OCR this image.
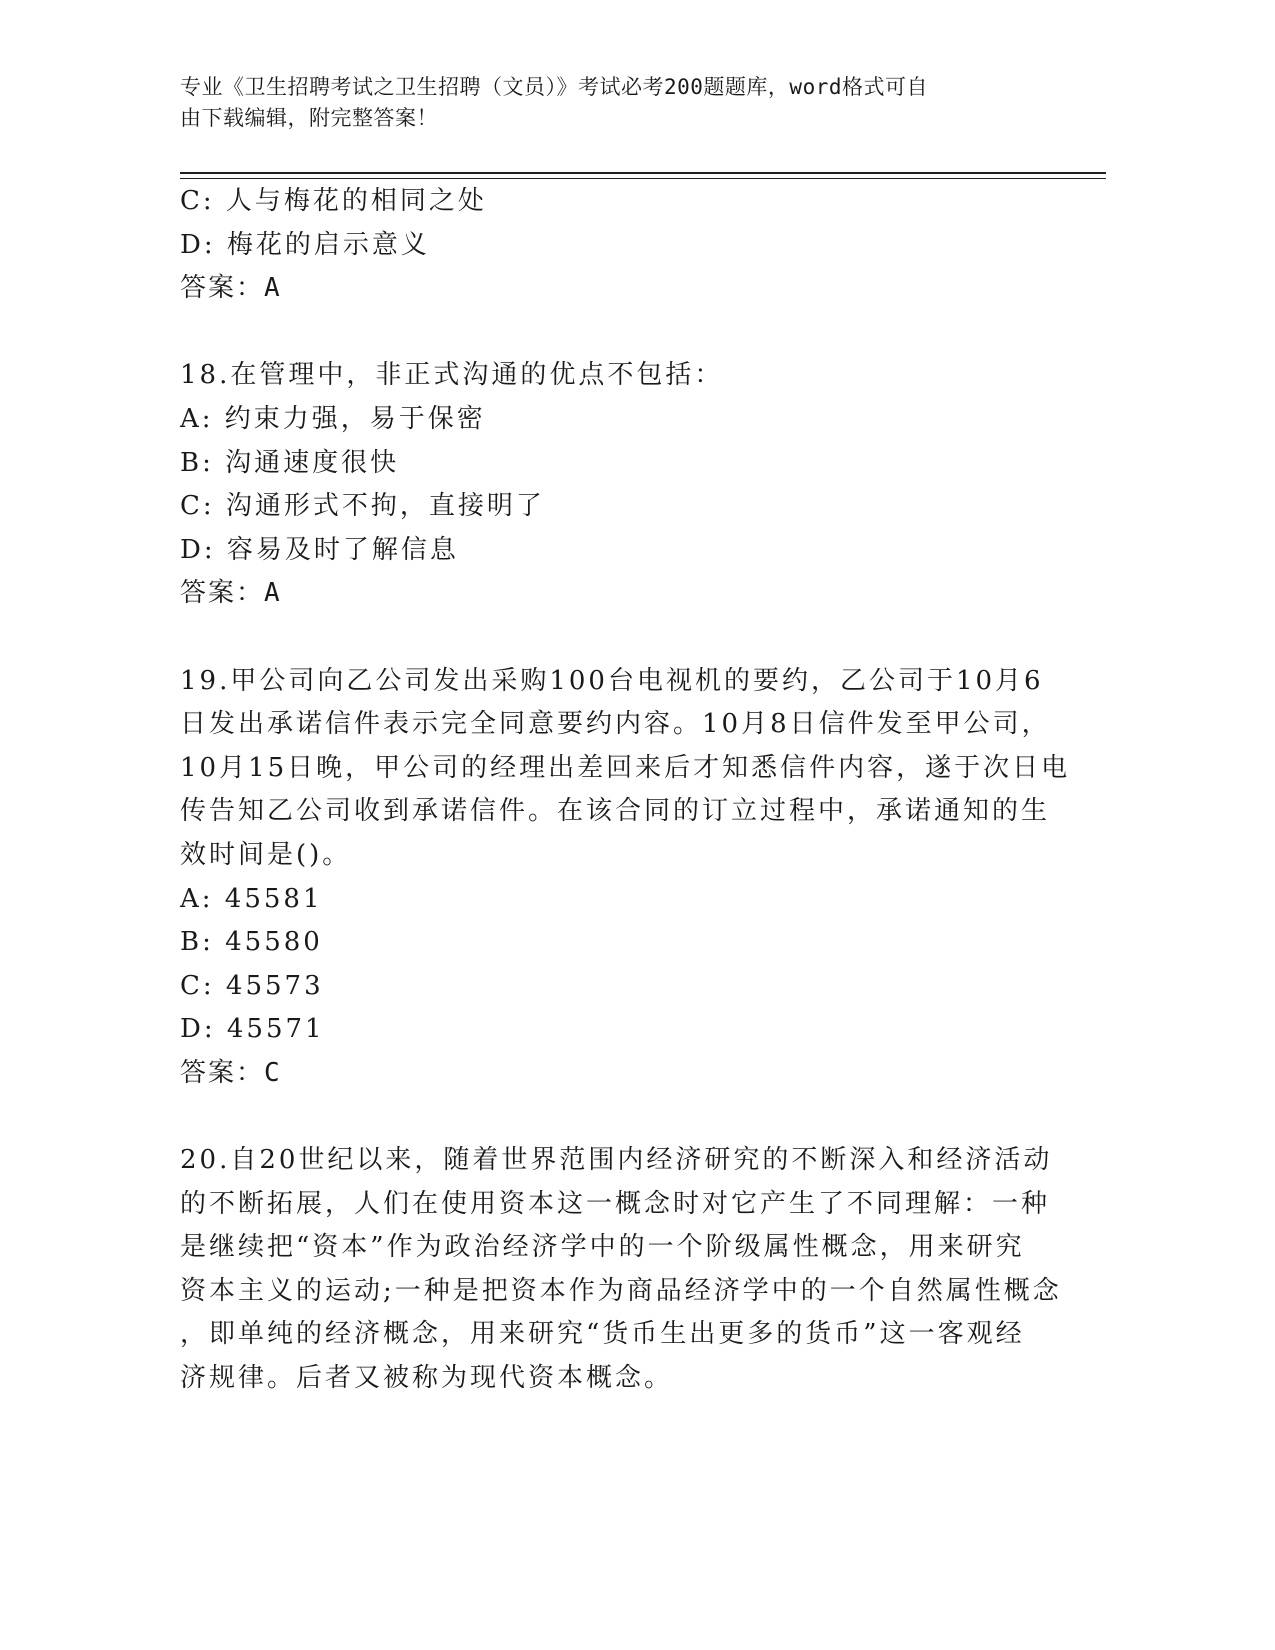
专业《卫生招聘考试之卫生招聘（文员）》考试必考200题题库，word格式可自
由下载编辑，附完整答案！
C: 人与梅花的相同之处
D: 梅花的启示意义
答案：A
18.在管理中，非正式沟通的优点不包括：
A: 约束力强，易于保密
B: 沟通速度很快
C: 沟通形式不拘，直接明了
D: 容易及时了解信息
答案：A
19.甲公司向乙公司发出采购100台电视机的要约，乙公司于10月6
日发出承诺信件表示完全同意要约内容。10月8日信件发至甲公司，
10月15日晚，甲公司的经理出差回来后才知悉信件内容，遂于次日电
传告知乙公司收到承诺信件。在该合同的订立过程中，承诺通知的生
效时间是()。
A: 45581
B: 45580
C: 45573
D: 45571
答案：C
20.自20世纪以来，随着世界范围内经济研究的不断深入和经济活动
的不断拓展，人们在使用资本这一概念时对它产生了不同理解：一种
是继续把“资本”作为政治经济学中的一个阶级属性概念，用来研究
资本主义的运动;一种是把资本作为商品经济学中的一个自然属性概念
，即单纯的经济概念，用来研究“货币生出更多的货币”这一客观经
济规律。后者又被称为现代资本概念。
